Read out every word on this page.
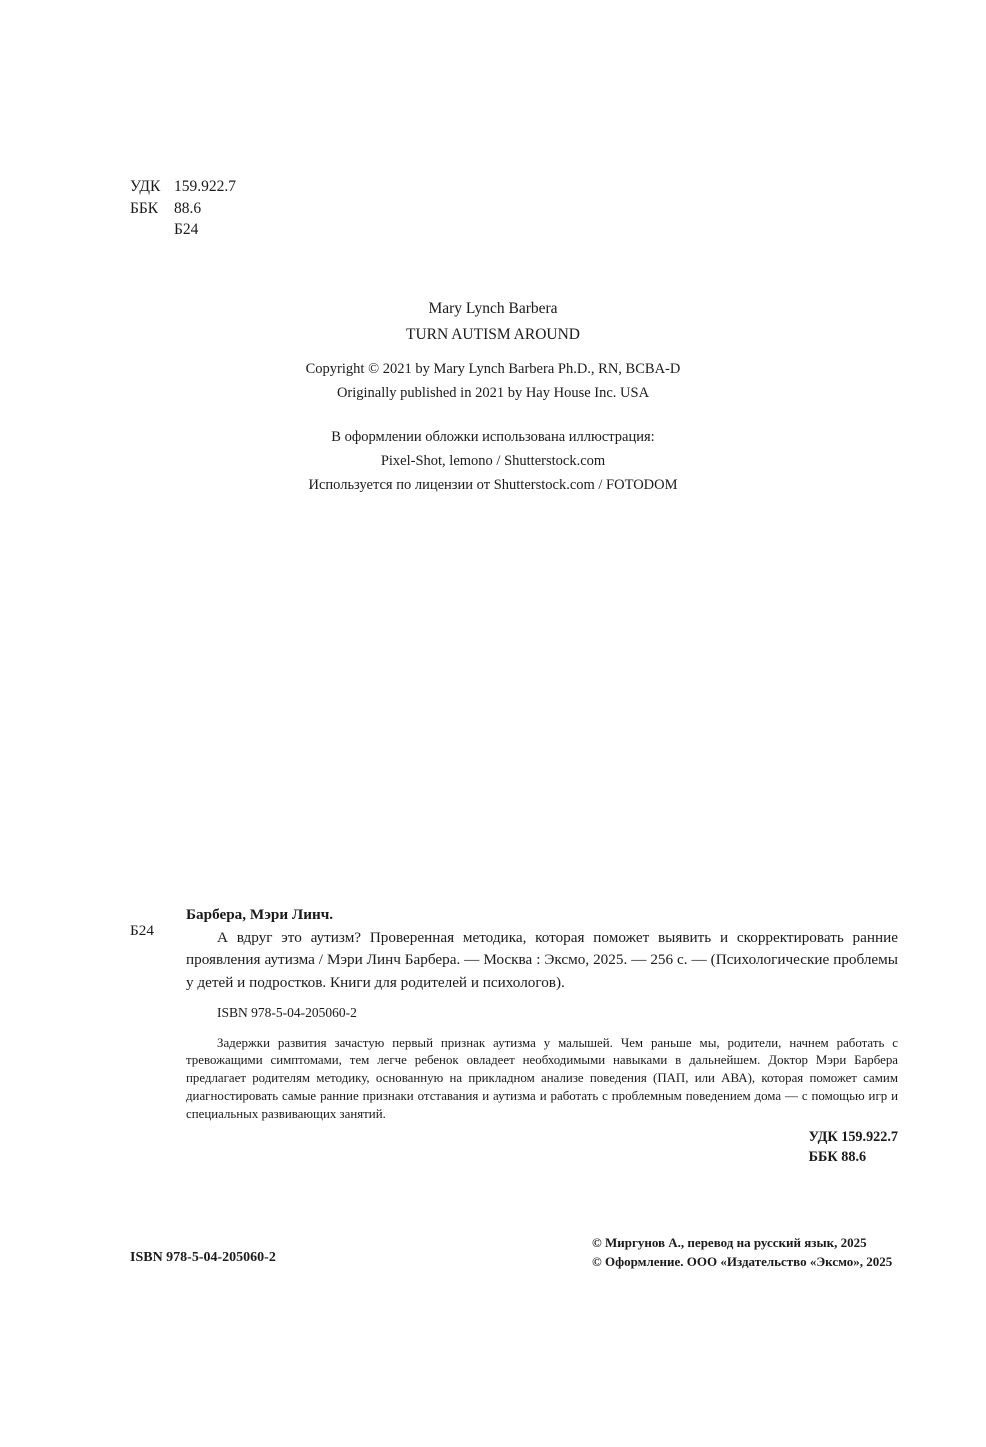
УДК 159.922.7
ББК	88.6
Б24
Mary Lynch Barbera
TURN AUTISM AROUND
Copyright © 2021 by Mary Lynch Barbera Ph.D., RN, BCBA-D
Originally published in 2021 by Hay House Inc. USA
В оформлении обложки использована иллюстрация:
Pixel-Shot, lemono / Shutterstock.com
Используется по лицензии от Shutterstock.com / FOTODOM
Б24
Барбера, Мэри Линч.
А вдруг это аутизм? Проверенная методика, которая поможет выявить и скорректировать ранние проявления аутизма / Мэри Линч Барбера. — Москва : Эксмо, 2025. — 256 с. — (Психологические проблемы у детей и подростков. Книги для родителей и психологов).
ISBN 978-5-04-205060-2
Задержки развития зачастую первый признак аутизма у малышей. Чем раньше мы, родители, начнем работать с тревожащими симптомами, тем легче ребенок овладеет необходимыми навыками в дальнейшем. Доктор Мэри Барбера предлагает родителям методику, основанную на прикладном анализе поведения (ПАП, или АВА), которая поможет самим диагностировать самые ранние признаки отставания и аутизма и работать с проблемным поведением дома — с помощью игр и специальных развивающих занятий.
УДК 159.922.7
ББК 88.6
ISBN 978-5-04-205060-2
© Миргунов А., перевод на русский язык, 2025
© Оформление. ООО «Издательство «Эксмо», 2025
